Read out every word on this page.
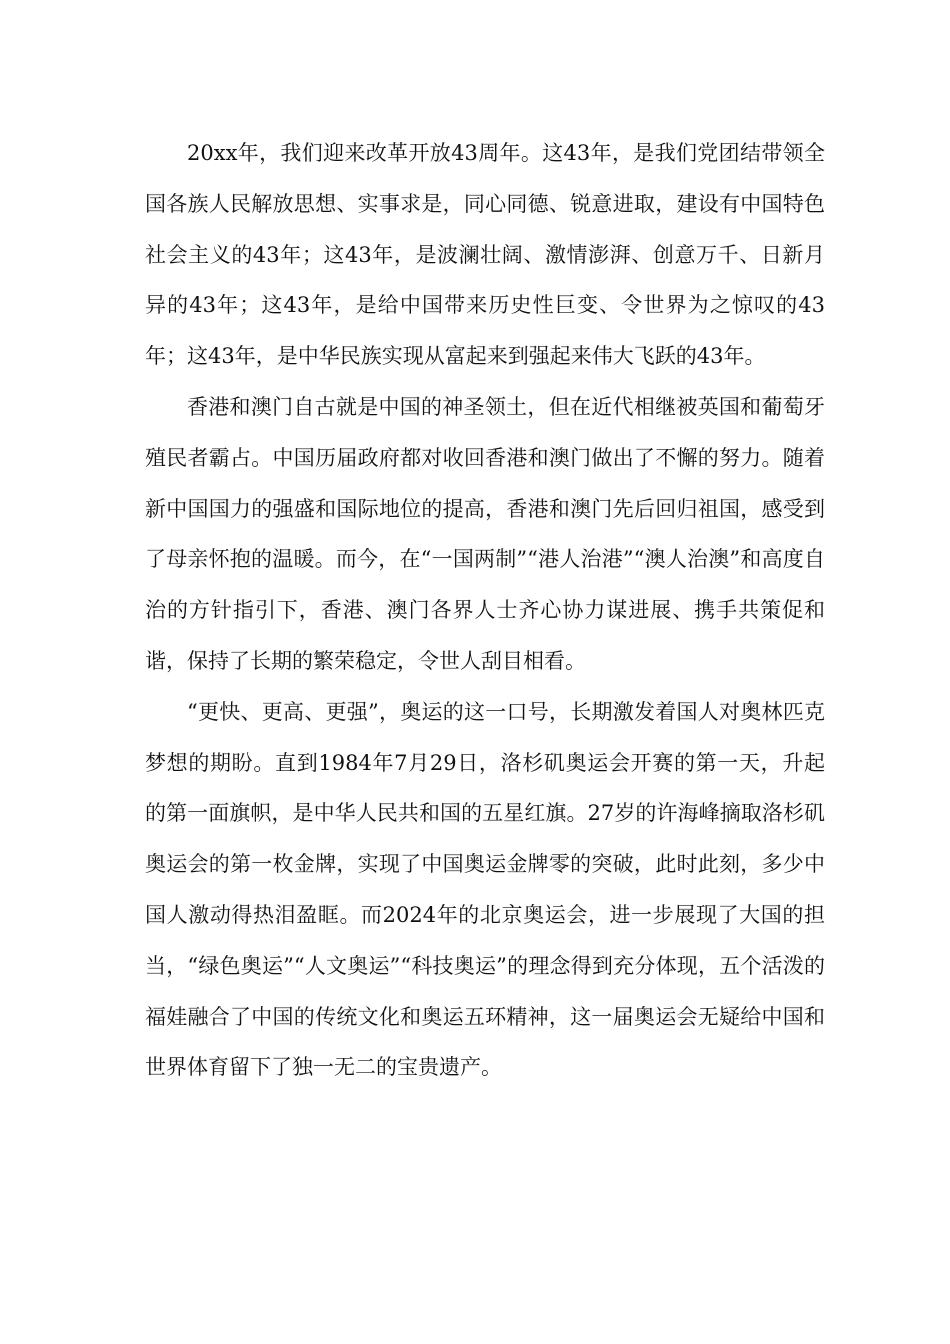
20xx年，我们迎来改革开放43周年。这43年，是我们党团结带领全国各族人民解放思想、实事求是，同心同德、锐意进取，建设有中国特色社会主义的43年；这43年，是波澜壮阔、激情澎湃、创意万千、日新月异的43年；这43年，是给中国带来历史性巨变、令世界为之惊叹的43年；这43年，是中华民族实现从富起来到强起来伟大飞跃的43年。

香港和澳门自古就是中国的神圣领土，但在近代相继被英国和葡萄牙殖民者霸占。中国历届政府都对收回香港和澳门做出了不懈的努力。随着新中国国力的强盛和国际地位的提高，香港和澳门先后回归祖国，感受到了母亲怀抱的温暖。而今，在“一国两制”“港人治港”“澳人治澳”和高度自治的方针指引下，香港、澳门各界人士齐心协力谋进展、携手共策促和谐，保持了长期的繁荣稳定，令世人刮目相看。

“更快、更高、更强”，奥运的这一口号，长期激发着国人对奥林匹克梦想的期盼。直到1984年7月29日，洛杉矶奥运会开赛的第一天，升起的第一面旗帜，是中华人民共和国的五星红旗。27岁的许海峰摘取洛杉矶奥运会的第一枚金牌，实现了中国奥运金牌零的突破，此时此刻，多少中国人激动得热泪盈眶。而2024年的北京奥运会，进一步展现了大国的担当，“绿色奥运”“人文奥运”“科技奥运”的理念得到充分体现，五个活泼的福娃融合了中国的传统文化和奥运五环精神，这一届奥运会无疑给中国和世界体育留下了独一无二的宝贵遗产。
